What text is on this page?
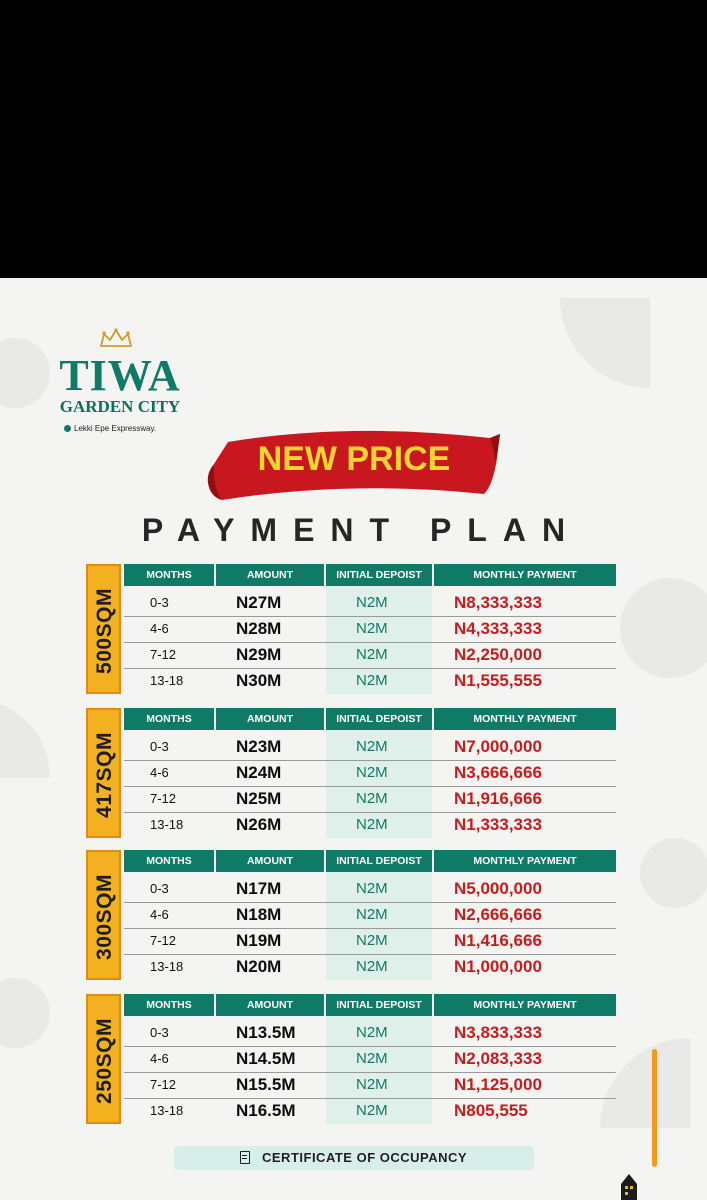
TIWA
GARDEN CITY
Lekki Epe Expressway.
NEW PRICE
PAYMENT PLAN
500SQM
MONTHS	AMOUNT	INITIAL DEPOIST	MONTHLY PAYMENT
0-3	N27M	N2M	N8,333,333
4-6	N28M	N2M	N4,333,333
7-12	N29M	N2M	N2,250,000
13-18	N30M	N2M	N1,555,555
417SQM
MONTHS	AMOUNT	INITIAL DEPOIST	MONTHLY PAYMENT
0-3	N23M	N2M	N7,000,000
4-6	N24M	N2M	N3,666,666
7-12	N25M	N2M	N1,916,666
13-18	N26M	N2M	N1,333,333
300SQM
MONTHS	AMOUNT	INITIAL DEPOIST	MONTHLY PAYMENT
0-3	N17M	N2M	N5,000,000
4-6	N18M	N2M	N2,666,666
7-12	N19M	N2M	N1,416,666
13-18	N20M	N2M	N1,000,000
250SQM
MONTHS	AMOUNT	INITIAL DEPOIST	MONTHLY PAYMENT
0-3	N13.5M	N2M	N3,833,333
4-6	N14.5M	N2M	N2,083,333
7-12	N15.5M	N2M	N1,125,000
13-18	N16.5M	N2M	N805,555
CERTIFICATE OF OCCUPANCY
